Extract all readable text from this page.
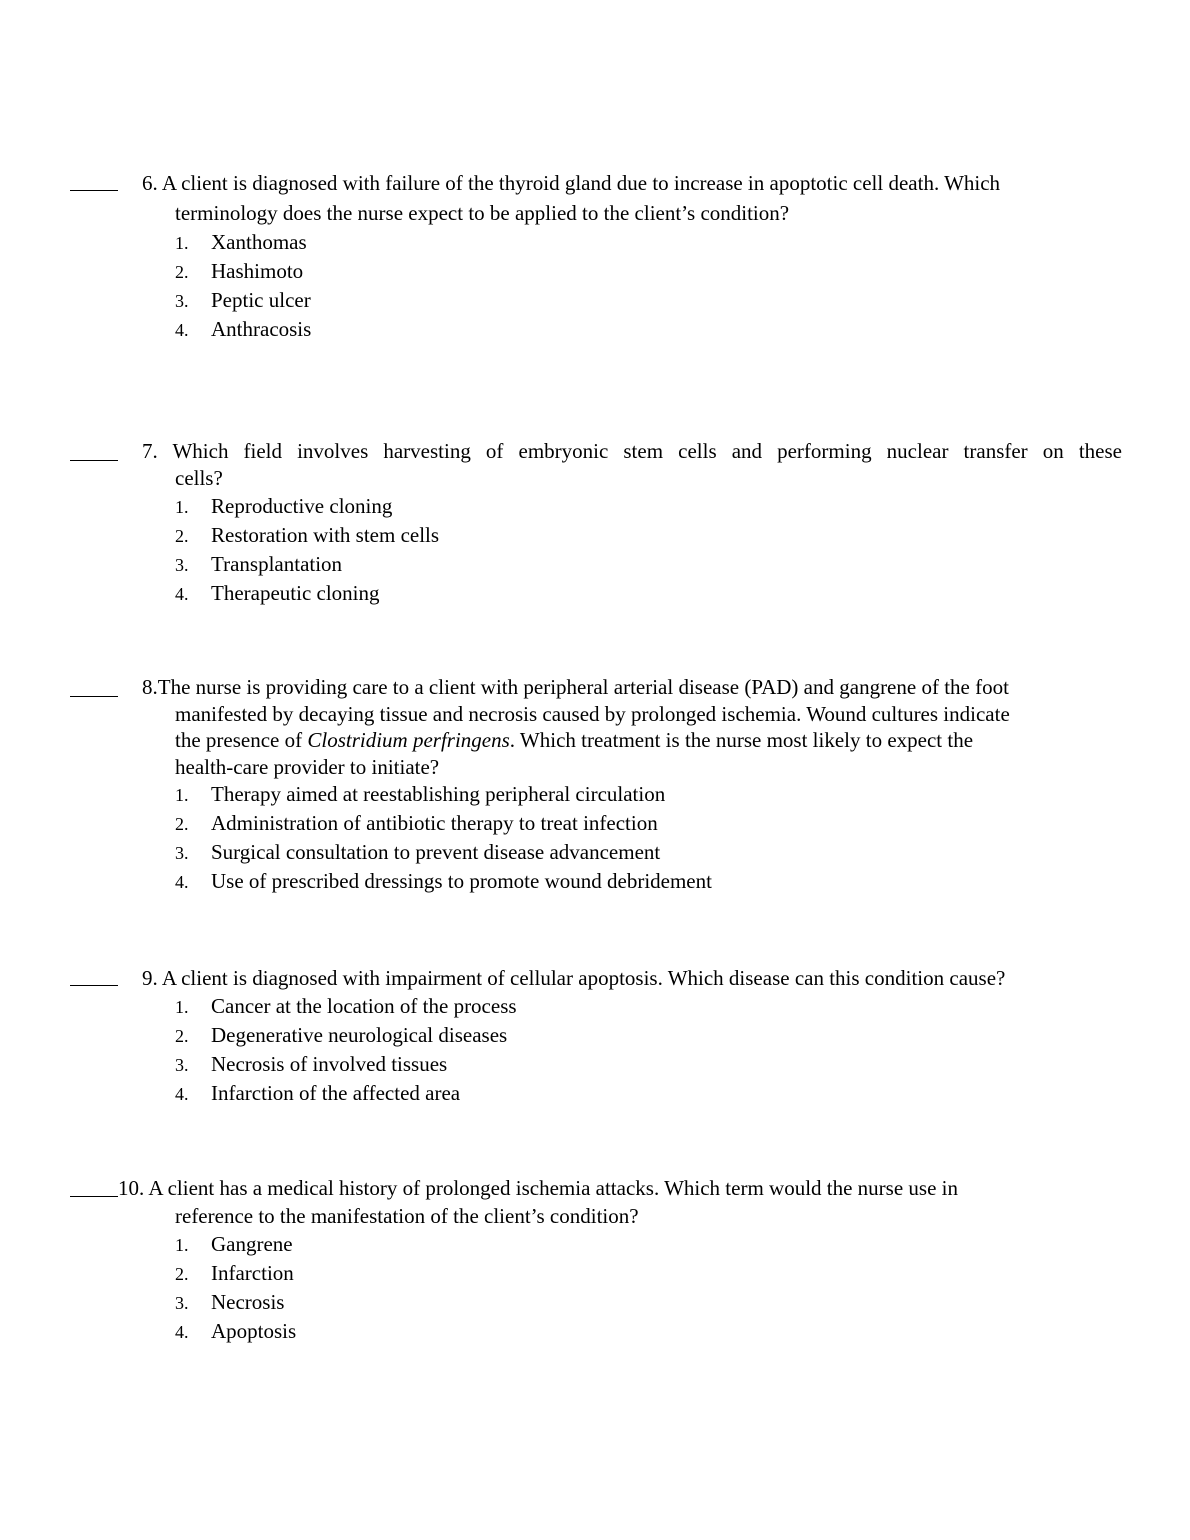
6. A client is diagnosed with failure of the thyroid gland due to increase in apoptotic cell death. Which
terminology does the nurse expect to be applied to the client’s condition?
1. Xanthomas
2. Hashimoto
3. Peptic ulcer
4. Anthracosis
7. Which field involves harvesting of embryonic stem cells and performing nuclear transfer on these
cells?
1. Reproductive cloning
2. Restoration with stem cells
3. Transplantation
4. Therapeutic cloning
8.The nurse is providing care to a client with peripheral arterial disease (PAD) and gangrene of the foot
manifested by decaying tissue and necrosis caused by prolonged ischemia. Wound cultures indicate
the presence of Clostridium perfringens. Which treatment is the nurse most likely to expect the
health-care provider to initiate?
1. Therapy aimed at reestablishing peripheral circulation
2. Administration of antibiotic therapy to treat infection
3. Surgical consultation to prevent disease advancement
4. Use of prescribed dressings to promote wound debridement
9. A client is diagnosed with impairment of cellular apoptosis. Which disease can this condition cause?
1. Cancer at the location of the process
2. Degenerative neurological diseases
3. Necrosis of involved tissues
4. Infarction of the affected area
10. A client has a medical history of prolonged ischemia attacks. Which term would the nurse use in
reference to the manifestation of the client’s condition?
1. Gangrene
2. Infarction
3. Necrosis
4. Apoptosis
